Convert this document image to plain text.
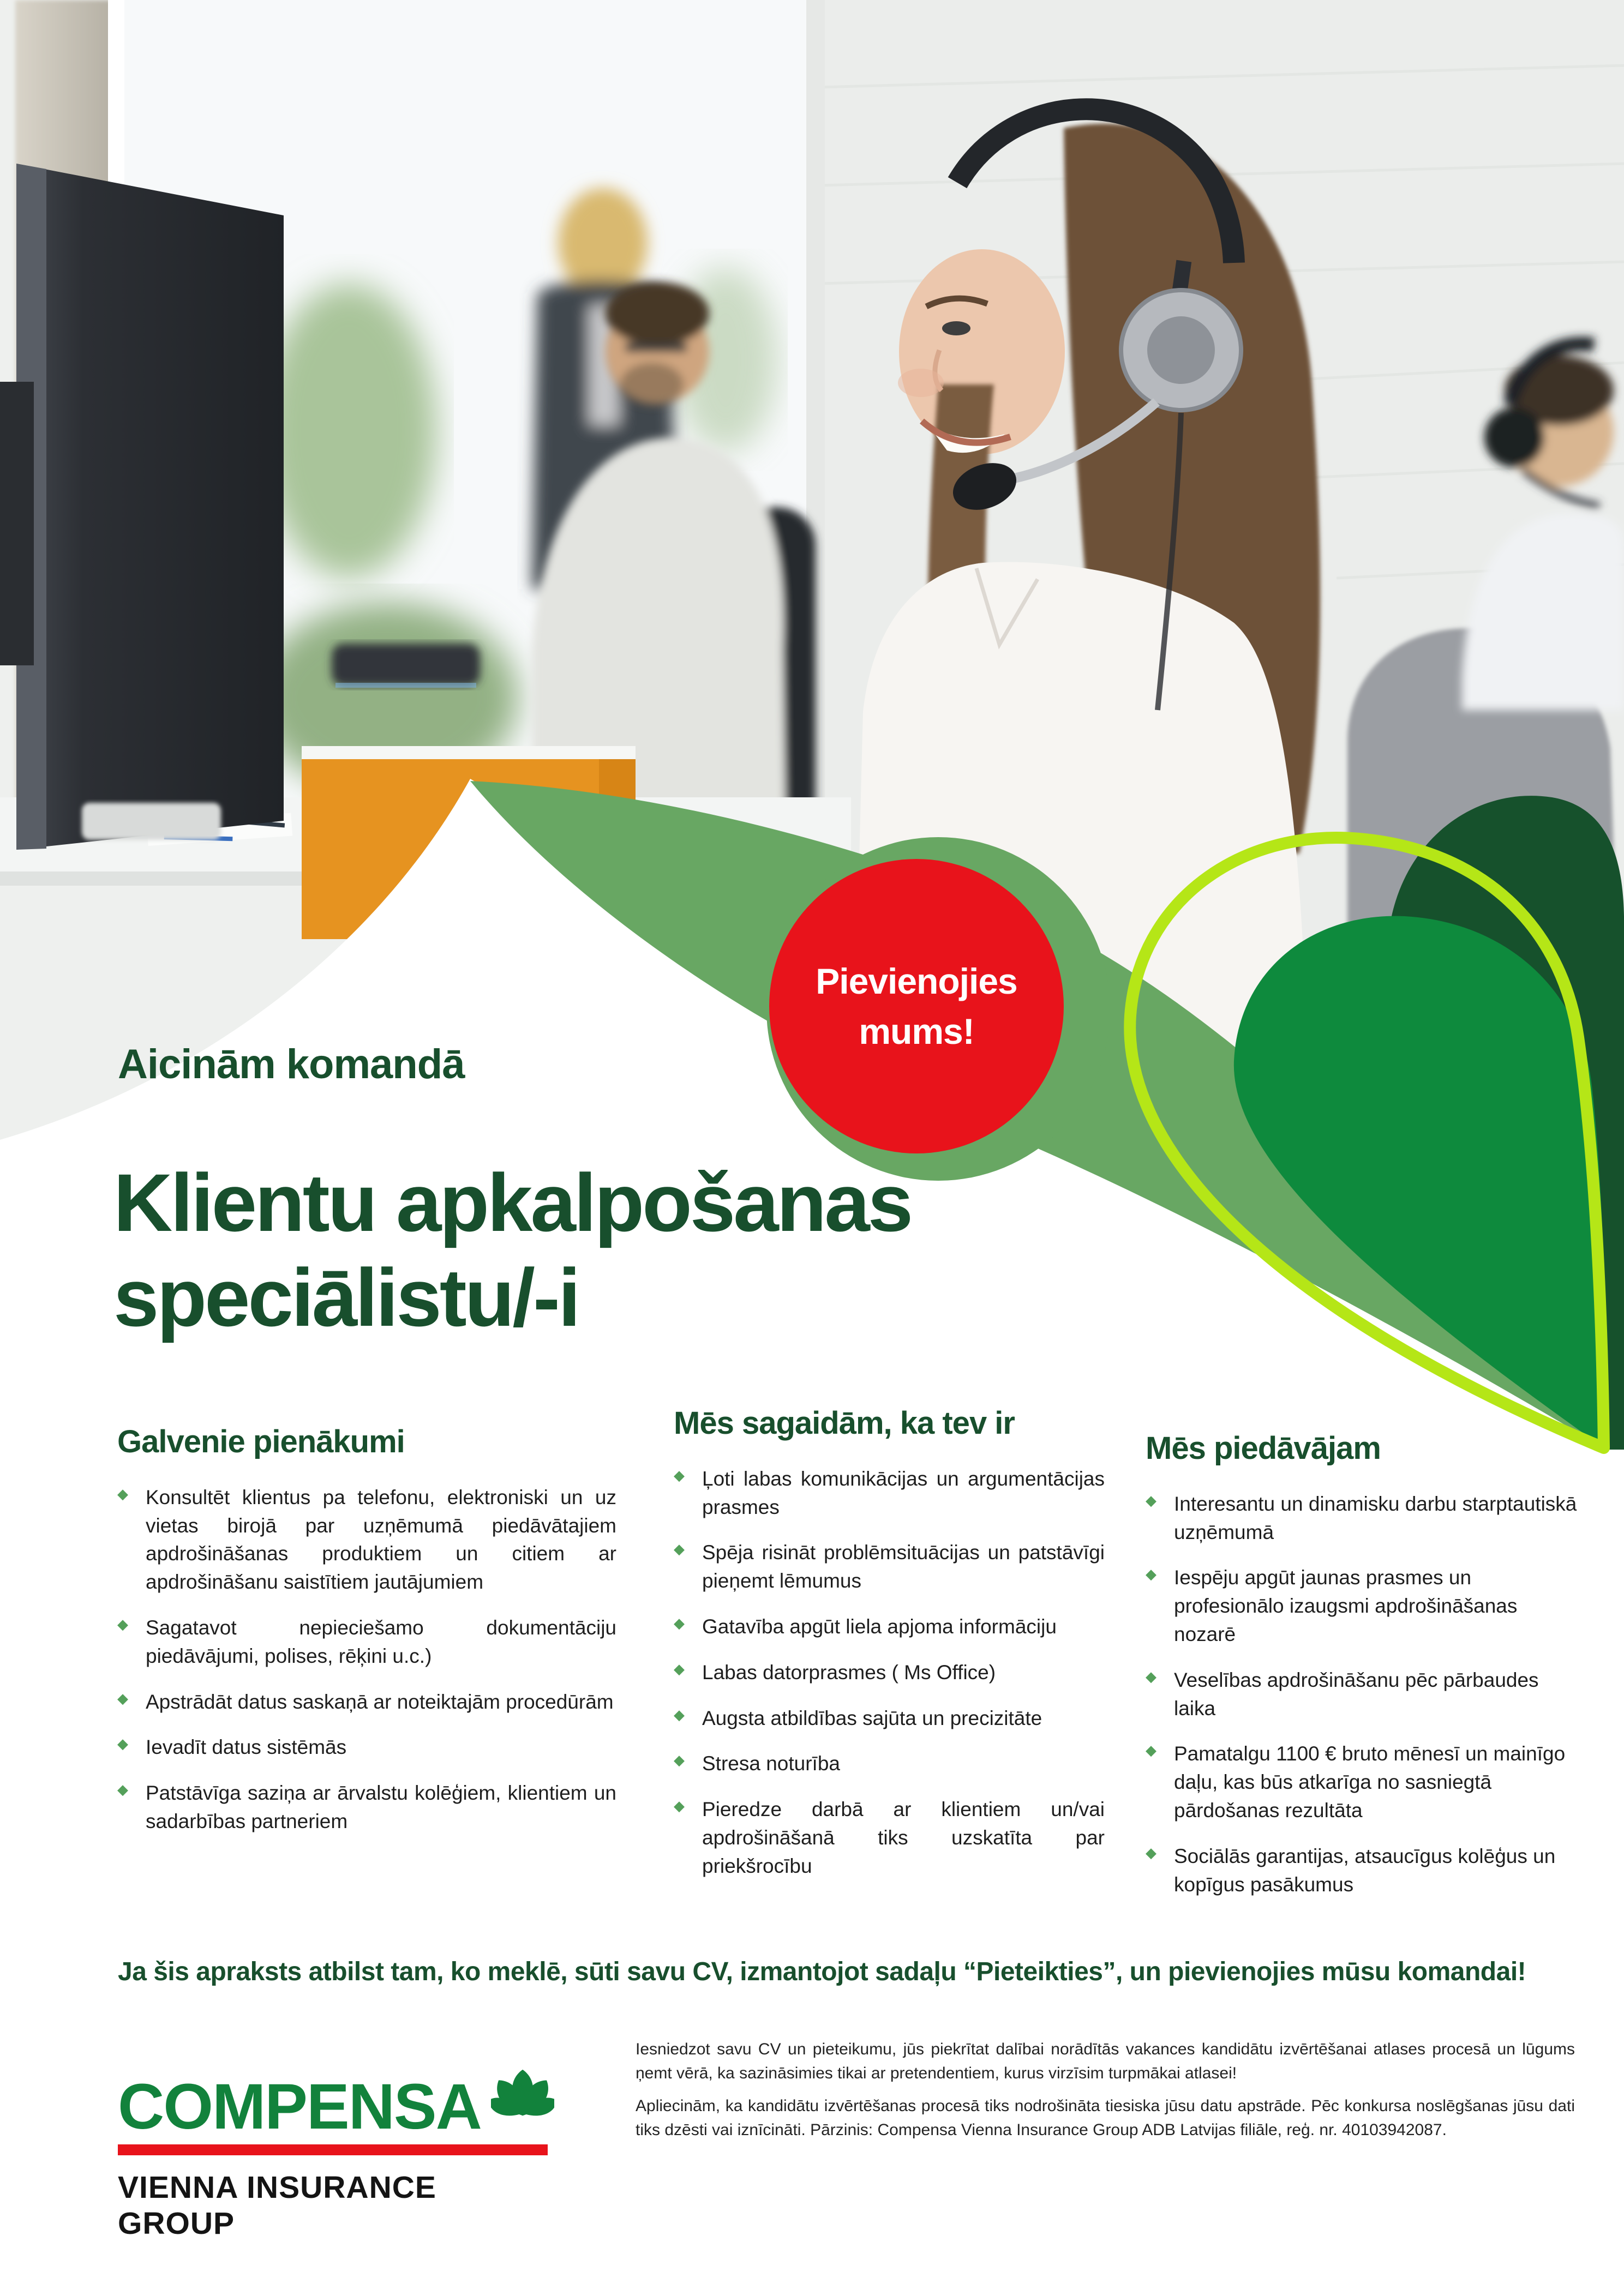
Pievienojies
mums!
Aicinām komandā
Klientu apkalpošanas
speciālistu/-i
Galvenie pienākumi
◆
Konsultēt klientus pa telefonu, elektroniski un uz vietas birojā par uzņēmumā piedāvātajiem apdrošināšanas produktiem un citiem ar apdrošināšanu saistītiem jautājumiem
◆
Sagatavot nepieciešamo dokumentāciju piedāvājumi, polises, rēķini u.c.)
◆
Apstrādāt datus saskaņā ar noteiktajām procedūrām
◆
Ievadīt datus sistēmās
◆
Patstāvīga saziņa ar ārvalstu kolēģiem, klientiem un sadarbības partneriem
Mēs sagaidām, ka tev ir
◆
Ļoti labas komunikācijas un argumentācijas prasmes
◆
Spēja risināt problēmsituācijas un patstāvīgi pieņemt lēmumus
◆
Gatavība apgūt liela apjoma informāciju
◆
Labas datorprasmes ( Ms Office)
◆
Augsta atbildības sajūta un precizitāte
◆
Stresa noturība
◆
Pieredze darbā ar klientiem un/vai apdrošināšanā tiks uzskatīta par priekšrocību
Mēs piedāvājam
◆
Interesantu un dinamisku darbu starptautiskā uzņēmumā
◆
Iespēju apgūt jaunas prasmes un profesionālo izaugsmi apdrošināšanas nozarē
◆
Veselības apdrošināšanu pēc pārbaudes laika
◆
Pamatalgu 1100 € bruto mēnesī un mainīgo daļu, kas būs atkarīga no sasniegtā pārdošanas rezultāta
◆
Sociālās garantijas, atsaucīgus kolēģus un kopīgus pasākumus

Ja šis apraksts atbilst tam, ko meklē, sūti savu CV, izmantojot sadaļu “Pieteikties”, un pievienojies mūsu komandai!

COMPENSA
VIENNA INSURANCE GROUP

Iesniedzot savu CV un pieteikumu, jūs piekrītat dalībai norādītās vakances kandidātu izvērtēšanai atlases procesā un lūgums ņemt vērā, ka sazināsimies tikai ar pretendentiem, kurus virzīsim turpmākai atlasei!

Apliecinām, ka kandidātu izvērtēšanas procesā tiks nodrošināta tiesiska jūsu datu apstrāde. Pēc konkursa noslēgšanas jūsu dati tiks dzēsti vai iznīcināti. Pārzinis: Compensa Vienna Insurance Group ADB Latvijas filiāle, reģ. nr. 40103942087.
